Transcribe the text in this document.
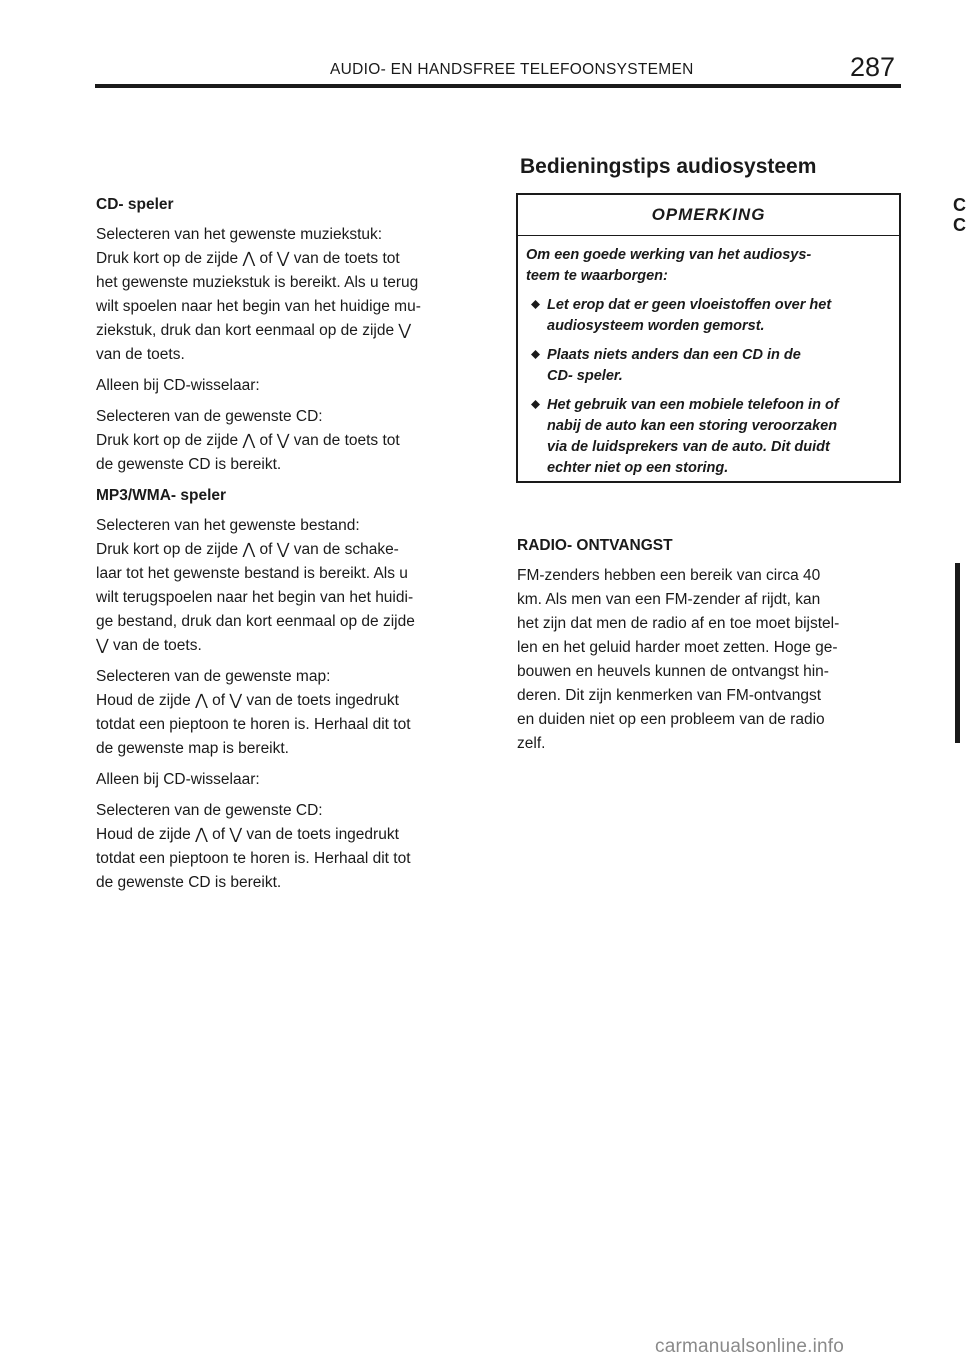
AUDIO‑ EN HANDSFREE TELEFOONSYSTEMEN	287
C
C
CD‑ speler
Selecteren van het gewenste muziekstuk:
Druk kort op de zijde ⋀ of ⋁ van de toets tot
het gewenste muziekstuk is bereikt. Als u terug
wilt spoelen naar het begin van het huidige mu-
ziekstuk, druk dan kort eenmaal op de zijde ⋁
van de toets.
Alleen bij CD‑wisselaar:
Selecteren van de gewenste CD:
Druk kort op de zijde ⋀ of ⋁ van de toets tot
de gewenste CD is bereikt.
MP3/WMA‑ speler
Selecteren van het gewenste bestand:
Druk kort op de zijde ⋀ of ⋁ van de schake-
laar tot het gewenste bestand is bereikt. Als u
wilt terugspoelen naar het begin van het huidi-
ge bestand, druk dan kort eenmaal op de zijde
⋁ van de toets.
Selecteren van de gewenste map:
Houd de zijde ⋀ of ⋁ van de toets ingedrukt
totdat een pieptoon te horen is. Herhaal dit tot
de gewenste map is bereikt.
Alleen bij CD‑wisselaar:
Selecteren van de gewenste CD:
Houd de zijde ⋀ of ⋁ van de toets ingedrukt
totdat een pieptoon te horen is. Herhaal dit tot
de gewenste CD is bereikt.
Bedieningstips audiosysteem
OPMERKING
Om een goede werking van het audiosys-
teem te waarborgen:
Let erop dat er geen vloeistoffen over het
audiosysteem worden gemorst.
Plaats niets anders dan een CD in de
CD‑ speler.
Het gebruik van een mobiele telefoon in of
nabij de auto kan een storing veroorzaken
via de luidsprekers van de auto. Dit duidt
echter niet op een storing.
RADIO‑ ONTVANGST
FM‑zenders hebben een bereik van circa 40
km. Als men van een FM‑zender af rijdt, kan
het zijn dat men de radio af en toe moet bijstel-
len en het geluid harder moet zetten. Hoge ge-
bouwen en heuvels kunnen de ontvangst hin-
deren. Dit zijn kenmerken van FM‑ontvangst
en duiden niet op een probleem van de radio
zelf.
carmanualsonline.info
